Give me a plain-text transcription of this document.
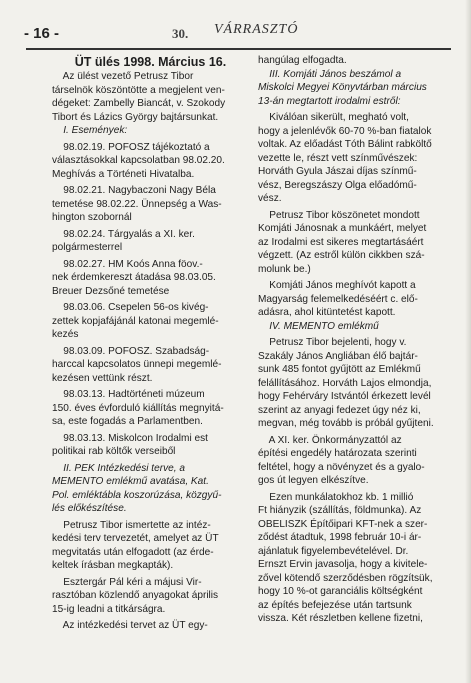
- 16 -	30. VÁRRASZTÓ

ÜT ülés 1998. Március 16.

Az ülést vezető Petrusz Tibor
társelnök köszöntötte a megjelent ven-
dégeket: Zambelly Biancát, v. Szokody
Tibort és Lázics György bajtársunkat.
I. Események:
98.02.19. POFOSZ tájékoztató a
választásokkal kapcsolatban 98.02.20.
Meghívás a Történeti Hivatalba.
98.02.21. Nagybaczoni Nagy Béla
temetése 98.02.22. Ünnepség a Was-
hington szobornál
98.02.24. Tárgyalás a XI. ker.
polgármesterrel
98.02.27. HM Koós Anna föov.-
nek érdemkereszt átadása 98.03.05.
Breuer Dezsőné temetése
98.03.06. Csepelen 56-os kivég-
zettek kopjafájánál katonai megemlé-
kezés
98.03.09. POFOSZ. Szabadság-
harccal kapcsolatos ünnepi megemlé-
kezésen vettünk részt.
98.03.13. Hadtörténeti múzeum
150. éves évforduló kiállítás megnyitá-
sa, este fogadás a Parlamentben.
98.03.13. Miskolcon Irodalmi est
politikai rab költők verseiből
II. PEK Intézkedési terve, a
MEMENTO emlékmű avatása, Kat.
Pol. emléktábla koszorúzása, közgyű-
lés előkészítése.
Petrusz Tibor ismertette az intéz-
kedési terv tervezetét, amelyet az ÜT
megvitatás után elfogadott (az érde-
keltek írásban megkapták).
Esztergár Pál kéri a májusi Vir-
rasztóban közlendő anyagokat április
15-ig leadni a titkárságra.
Az intézkedési tervet az ÜT egy-
hangúlag elfogadta.
III. Komjáti János beszámol a
Miskolci Megyei Könyvtárban március
13-án megtartott irodalmi estről:
Kiválóan sikerült, megható volt,
hogy a jelenlévők 60-70 %-ban fiatalok
voltak. Az előadást Tóth Bálint rabköltő
vezette le, részt vett színművészek:
Horváth Gyula Jászai díjas színmű-
vész, Beregszászy Olga előadómű-
vész.
Petrusz Tibor köszönetet mondott
Komjáti Jánosnak a munkáért, melyet
az Irodalmi est sikeres megtartásáért
végzett. (Az estről külön cikkben szá-
molunk be.)
Komjáti János meghívót kapott a
Magyarság felemelkedéséért c. elő-
adásra, ahol kitüntetést kapott.
IV. MEMENTO emlékmű
Petrusz Tibor bejelenti, hogy v.
Szakály János Angliában élő bajtár-
sunk 485 fontot gyűjtött az Emlékmű
felállításához. Horváth Lajos elmondja,
hogy Fehérváry Istvántól érkezett levél
szerint az anyagi fedezet úgy néz ki,
megvan, még tovább is próbál gyűjteni.
A XI. ker. Önkormányzattól az
építési engedély határozata szerinti
feltétel, hogy a növényzet és a gyalo-
gos út legyen elkészítve.
Ezen munkálatokhoz kb. 1 millió
Ft hiányzik (szállítás, földmunka). Az
OBELISZK Építőipari KFT-nek a szer-
ződést átadtuk, 1998 február 10-i ár-
ajánlatuk figyelembevételével. Dr.
Ernszt Ervin javasolja, hogy a kivitele-
zővel kötendő szerződésben rögzítsük,
hogy 10 %-ot garanciális költségként
az építés befejezése után tartsunk
vissza. Két részletben kellene fizetni,
